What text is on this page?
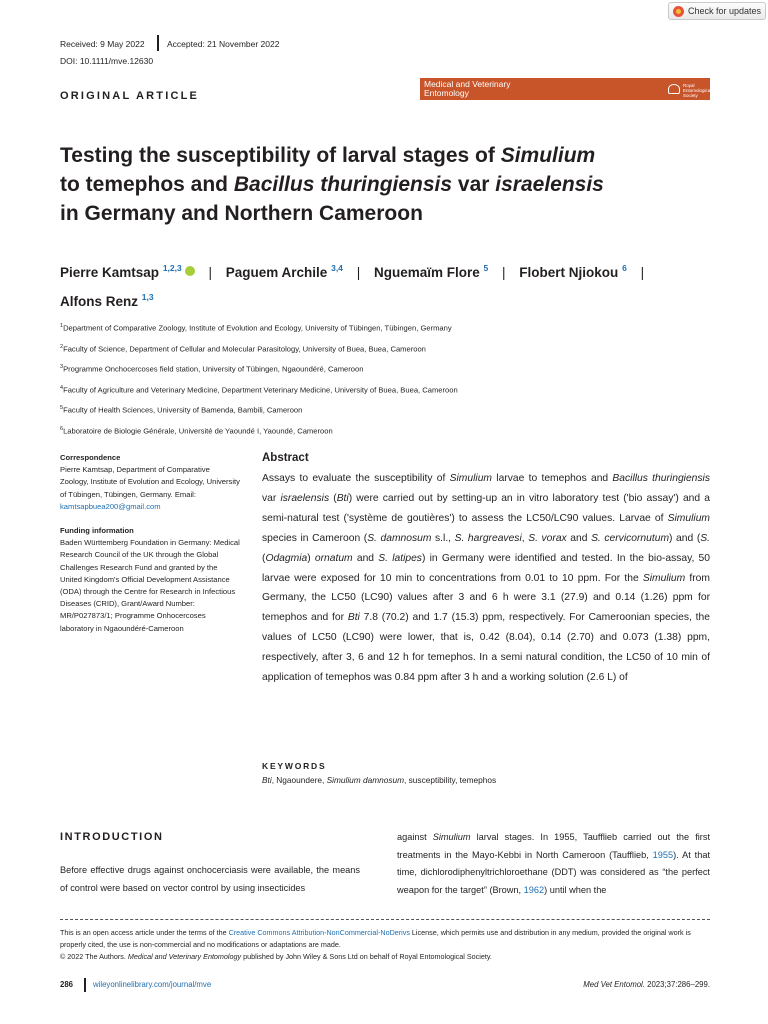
Check for updates
Received: 9 May 2022	Accepted: 21 November 2022
DOI: 10.1111/mve.12630
ORIGINAL ARTICLE
Medical and Veterinary
Entomology
Royal Entomological Society
Testing the susceptibility of larval stages of Simulium
to temephos and Bacillus thuringiensis var israelensis
in Germany and Northern Cameroon
Pierre Kamtsap $^{1,2,3}$ | Paguem Archile $^{3,4}$ | Nguemaïm Flore $^5$ | Flobert Njiokou $^6$ |
Alfons Renz $^{1,3}$
$^1$Department of Comparative Zoology, Institute of Evolution and Ecology, University of Tübingen, Tübingen, Germany
$^2$Faculty of Science, Department of Cellular and Molecular Parasitology, University of Buea, Buea, Cameroon
$^3$Programme Onchocercoses field station, University of Tübingen, Ngaoundéré, Cameroon
$^4$Faculty of Agriculture and Veterinary Medicine, Department Veterinary Medicine, University of Buea, Buea, Cameroon
$^5$Faculty of Health Sciences, University of Bamenda, Bambili, Cameroon
$^6$Laboratoire de Biologie Générale, Université de Yaoundé I, Yaoundé, Cameroon
Correspondence
Pierre Kamtsap, Department of Comparative Zoology, Institute of Evolution and Ecology, University of Tübingen, Tübingen, Germany. Email: kamtsapbuea200@gmail.com
Funding information
Baden Württemberg Foundation in Germany: Medical Research Council of the UK through the Global Challenges Research Fund and granted by the United Kingdom's Official Development Assistance (ODA) through the Centre for Research in Infectious Diseases (CRID), Grant/Award Number: MR/P027873/1; Programme Onhocercoses laboratory in Ngaoundéré-Cameroon
Abstract
Assays to evaluate the susceptibility of Simulium larvae to temephos and Bacillus thuringiensis var israelensis (Bti) were carried out by setting-up an in vitro laboratory test ('bio assay') and a semi-natural test ('système de goutières') to assess the LC50/LC90 values. Larvae of Simulium species in Cameroon (S. damnosum s.l., S. hargreavesi, S. vorax and S. cervicornutum) and (S. (Odagmia) ornatum and S. latipes) in Germany were identified and tested. In the bio-assay, 50 larvae were exposed for 10 min to concentrations from 0.01 to 10 ppm. For the Simulium from Germany, the LC50 (LC90) values after 3 and 6 h were 3.1 (27.9) and 0.14 (1.26) ppm for temephos and for Bti 7.8 (70.2) and 1.7 (15.3) ppm, respectively. For Cameroonian species, the values of LC50 (LC90) were lower, that is, 0.42 (8.04), 0.14 (2.70) and 0.073 (1.38) ppm, respectively, after 3, 6 and 12 h for temephos. In a semi natural condition, the LC50 of 10 min of application of temephos was 0.84 ppm after 3 h and a working solution (2.6 L) of
KEYWORDS
Bti, Ngaoundere, Simulium damnosum, susceptibility, temephos
INTRODUCTION
Before effective drugs against onchocerciasis were available, the means of control were based on vector control by using insecticides
against Simulium larval stages. In 1955, Taufflieb carried out the first treatments in the Mayo-Kebbi in North Cameroon (Taufflieb, 1955). At that time, dichlorodiphenyltrichloroethane (DDT) was considered as “the perfect weapon for the target” (Brown, 1962) until when the
This is an open access article under the terms of the Creative Commons Attribution-NonCommercial-NoDerivs License, which permits use and distribution in any medium, provided the original work is properly cited, the use is non-commercial and no modifications or adaptations are made.
© 2022 The Authors. Medical and Veterinary Entomology published by John Wiley & Sons Ltd on behalf of Royal Entomological Society.
286	wileyonlinelibrary.com/journal/mve	Med Vet Entomol. 2023;37:286–299.
